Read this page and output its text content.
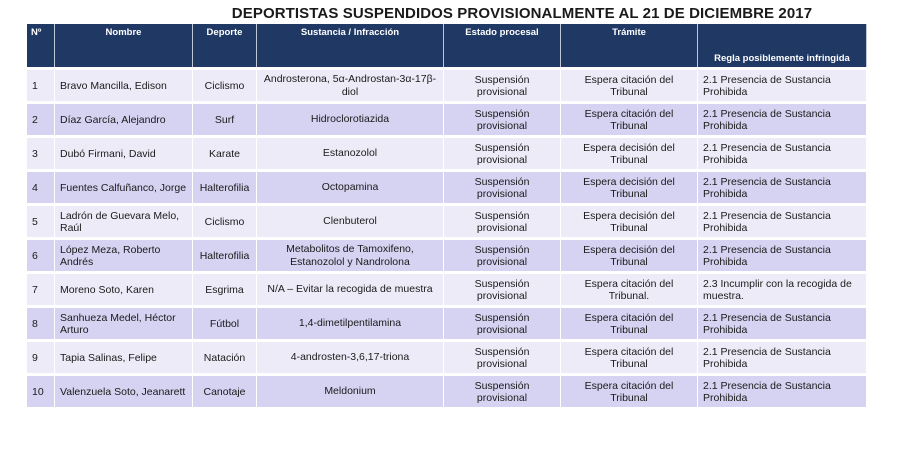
DEPORTISTAS SUSPENDIDOS PROVISIONALMENTE AL 21 DE DICIEMBRE 2017
Nº	Nombre	Deporte	Sustancia / Infracción	Estado procesal	Trámite	Regla posiblemente infringida
1	Bravo Mancilla, Edison	Ciclismo	Androsterona, 5α-Androstan-3α-17β-diol	Suspensión provisional	Espera citación del Tribunal	2.1 Presencia de Sustancia Prohibida
2	Díaz García, Alejandro	Surf	Hidroclorotiazida	Suspensión provisional	Espera citación del Tribunal	2.1 Presencia de Sustancia Prohibida
3	Dubó Firmani, David	Karate	Estanozolol	Suspensión provisional	Espera decisión del Tribunal	2.1 Presencia de Sustancia Prohibida
4	Fuentes Calfuñanco, Jorge	Halterofilia	Octopamina	Suspensión provisional	Espera decisión del Tribunal	2.1 Presencia de Sustancia Prohibida
5	Ladrón de Guevara Melo, Raúl	Ciclismo	Clenbuterol	Suspensión provisional	Espera decisión del Tribunal	2.1 Presencia de Sustancia Prohibida
6	López Meza, Roberto Andrés	Halterofilia	Metabolitos de Tamoxifeno, Estanozolol y Nandrolona	Suspensión provisional	Espera decisión del Tribunal	2.1 Presencia de Sustancia Prohibida
7	Moreno Soto, Karen	Esgrima	N/A – Evitar la recogida de muestra	Suspensión provisional	Espera citación del Tribunal.	2.3 Incumplir con la recogida de muestra.
8	Sanhueza Medel, Héctor Arturo	Fútbol	1,4-dimetilpentilamina	Suspensión provisional	Espera citación del Tribunal	2.1 Presencia de Sustancia Prohibida
9	Tapia Salinas, Felipe	Natación	4-androsten-3,6,17-triona	Suspensión provisional	Espera citación del Tribunal	2.1 Presencia de Sustancia Prohibida
10	Valenzuela Soto, Jeanarett	Canotaje	Meldonium	Suspensión provisional	Espera citación del Tribunal	2.1 Presencia de Sustancia Prohibida
